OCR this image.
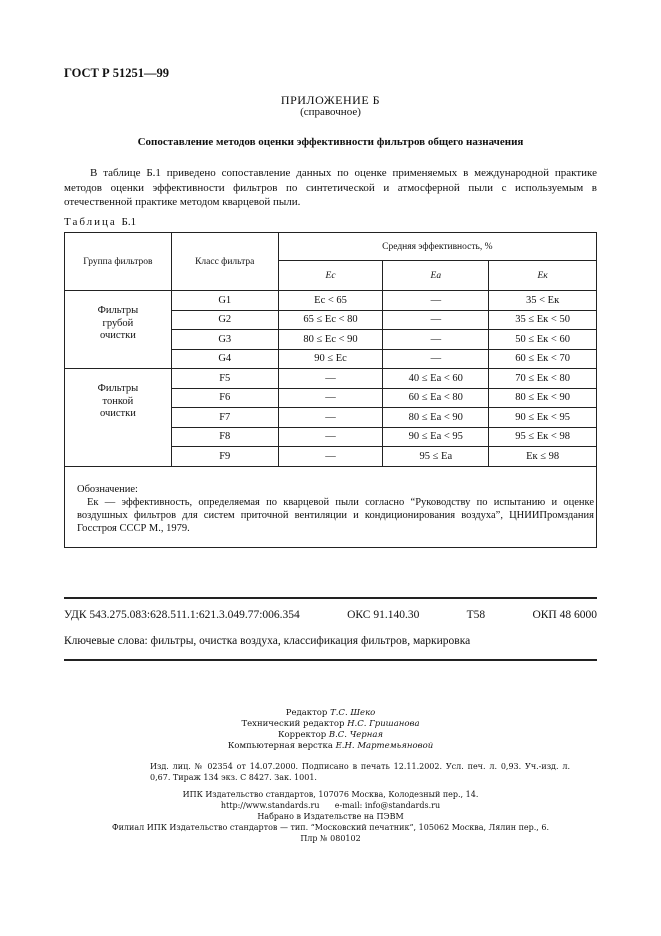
ГОСТ Р 51251—99
ПРИЛОЖЕНИЕ Б
(справочное)
Сопоставление методов оценки эффективности фильтров общего назначения
В таблице Б.1 приведено сопоставление данных по оценке применяемых в международной практике методов оценки эффективности фильтров по синтетической и атмосферной пыли с используемым в отечественной практике методом кварцевой пыли.
Таблица Б.1
Группа фильтров	Класс фильтра	Средняя эффективность, %		
		Ec	Ea	Eк

Фильтры
грубой
очистки	G1	Eс < 65	—	35 < Eк
	G2	65 ≤ Eс < 80	—	35 ≤ Eк < 50
	G3	80 ≤ Eс < 90	—	50 ≤ Eк < 60
	G4	90 ≤ Eс	—	60 ≤ Eк < 70

Фильтры
тонкой
очистки	F5	—	40 ≤ Eа < 60	70 ≤ Eк < 80
	F6	—	60 ≤ Eа < 80	80 ≤ Eк < 90
	F7	—	80 ≤ Eа < 90	90 ≤ Eк < 95
	F8	—	90 ≤ Eа < 95	95 ≤ Eк < 98
	F9	—	95 ≤ Eа	Eк ≤ 98

Обозначение:
Eк — эффективность, определяемая по кварцевой пыли согласно “Руководству по испытанию и оценке воздушных фильтров для систем приточной вентиляции и кондиционирования воздуха”, ЦНИИПромздания Госстроя СССР М., 1979.				
УДК 543.275.083:628.511.1:621.3.049.77:006.354	ОКС 91.140.30	Т58	ОКП 48 6000
Ключевые слова: фильтры, очистка воздуха, классификация фильтров, маркировка
Редактор Т.С. Шеко
Технический редактор Н.С. Гришанова
Корректор В.С. Черная
Компьютерная верстка Е.Н. Мартемьяновой
Изд. лиц. № 02354 от 14.07.2000. Подписано в печать 12.11.2002. Усл. печ. л. 0,93. Уч.-изд. л. 0,67. Тираж 134 экз. С 8427. Зак. 1001.
ИПК Издательство стандартов, 107076 Москва, Колодезный пер., 14.
http://www.standards.ru      e-mail: info@standards.ru
Набрано в Издательстве на ПЭВМ
Филиал ИПК Издательство стандартов — тип. “Московский печатник”, 105062 Москва, Лялин пер., 6.
Плр № 080102
